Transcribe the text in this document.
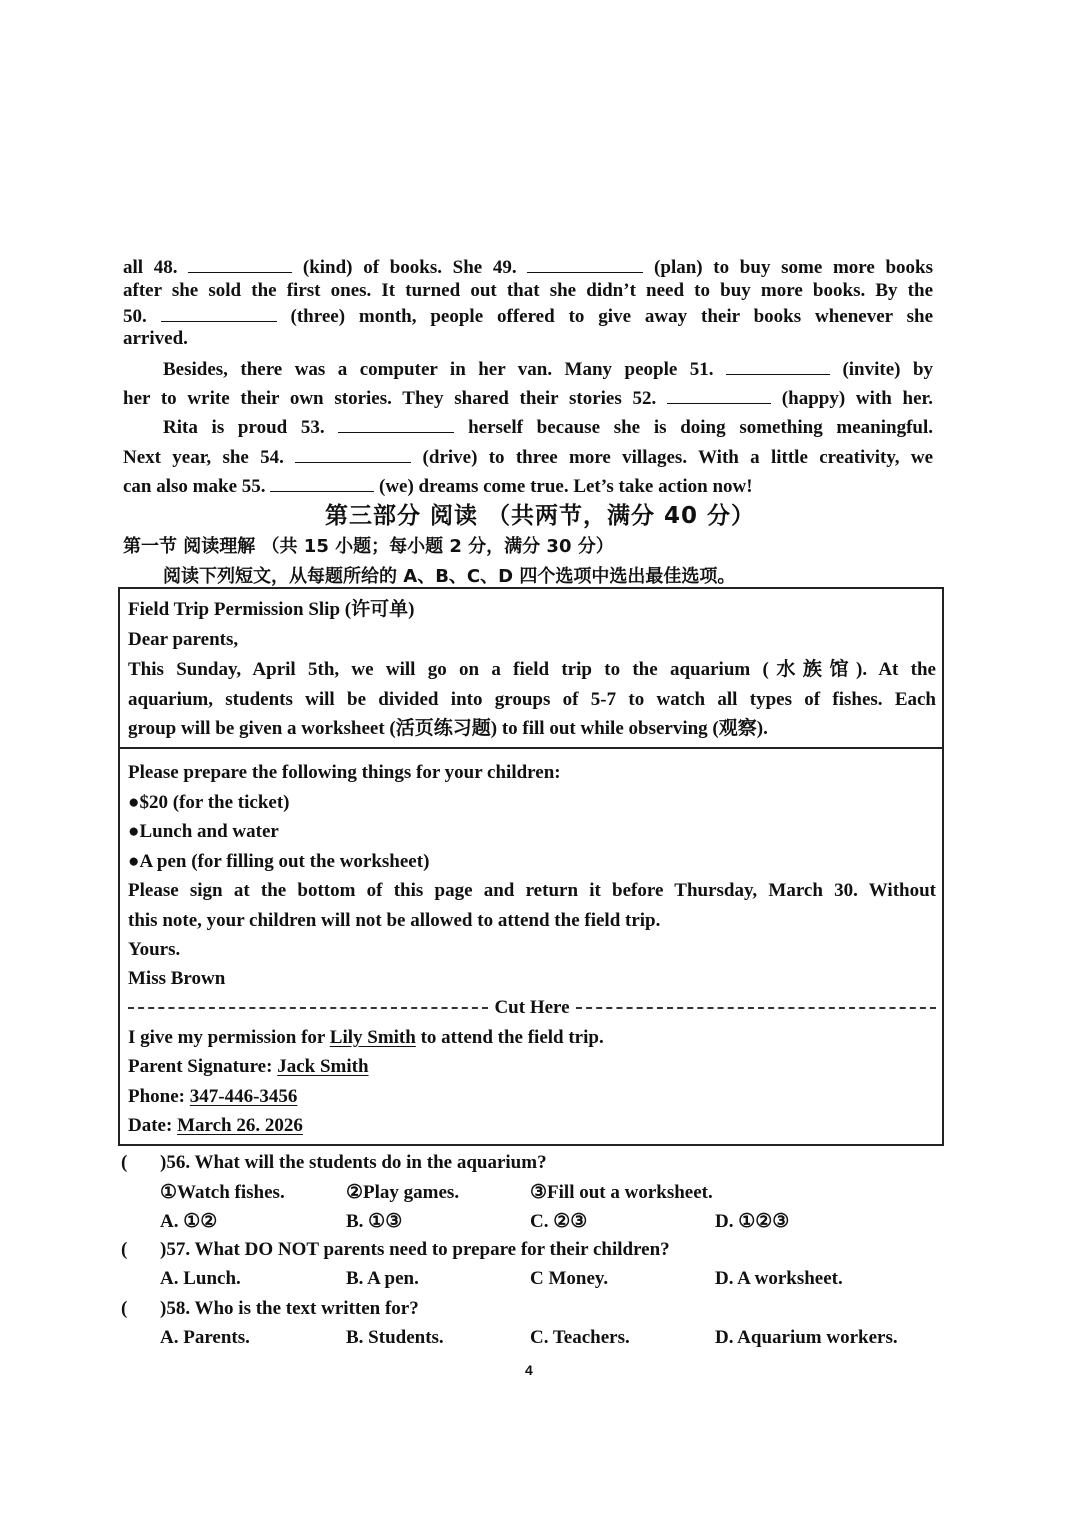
all 48.	(kind) of books. She 49.	(plan) to buy some more books
after she sold the first ones. It turned out that she didn’t need to buy more books. By the
50.	(three) month, people offered to give away their books whenever she
arrived.
Besides, there was a computer in her van. Many people 51.	(invite) by
her to write their own stories. They shared their stories 52.	(happy) with her.
Rita is proud 53.	herself because she is doing something meaningful.
Next year, she 54.	(drive) to three more villages. With a little creativity, we
can also make 55.	(we) dreams come true. Let’s take action now!
第三部分 阅读 （共两节，满分 40 分）
第一节 阅读理解 （共 15 小题；每小题 2 分，满分 30 分）
阅读下列短文，从每题所给的 A、B、C、D 四个选项中选出最佳选项。
Field Trip Permission Slip (许可单)
Dear parents,
This Sunday, April 5th, we will go on a field trip to the aquarium (水族馆). At the
aquarium, students will be divided into groups of 5-7 to watch all types of fishes. Each
group will be given a worksheet (活页练习题) to fill out while observing (观察).
Please prepare the following things for your children:
●$20 (for the ticket)
●Lunch and water
●A pen (for filling out the worksheet)
Please sign at the bottom of this page and return it before Thursday, March 30. Without
this note, your children will not be allowed to attend the field trip.
Yours.
Miss Brown
Cut Here
I give my permission for Lily Smith to attend the field trip.
Parent Signature: Jack Smith
Phone: 347-446-3456
Date: March 26. 2026
( )56. What will the students do in the aquarium?
①Watch fishes.	②Play games.	③Fill out a worksheet.
A. ①②	B. ①③	C. ②③	D. ①②③
( )57. What DO NOT parents need to prepare for their children?
A. Lunch.	B. A pen.	C Money.	D. A worksheet.
( )58. Who is the text written for?
A. Parents.	B. Students.	C. Teachers.	D. Aquarium workers.
4
